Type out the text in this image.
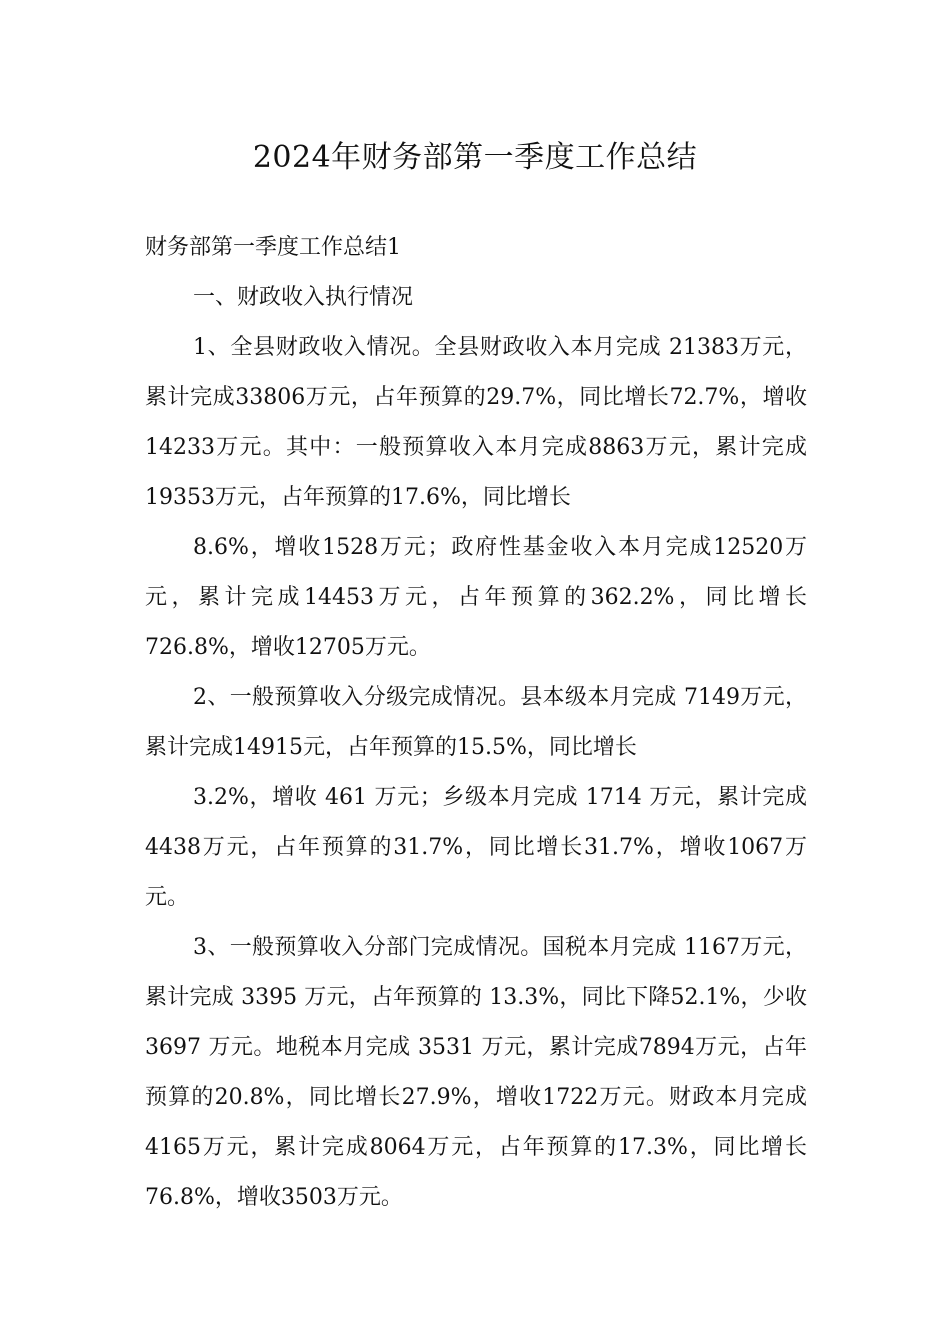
2024年财务部第一季度工作总结

财务部第一季度工作总结1

一、财政收入执行情况

1、全县财政收入情况。全县财政收入本月完成 21383万元，累计完成33806万元，占年预算的29.7%，同比增长72.7%，增收14233万元。其中：一般预算收入本月完成8863万元，累计完成19353万元，占年预算的17.6%，同比增长

8.6%，增收1528万元；政府性基金收入本月完成12520万元，累计完成14453万元，占年预算的362.2%，同比增长726.8%，增收12705万元。

2、一般预算收入分级完成情况。县本级本月完成 7149万元，累计完成14915元，占年预算的15.5%，同比增长

3.2%，增收 461 万元；乡级本月完成 1714 万元，累计完成4438万元，占年预算的31.7%，同比增长31.7%，增收1067万元。

3、一般预算收入分部门完成情况。国税本月完成 1167万元，累计完成 3395 万元，占年预算的 13.3%，同比下降52.1%，少收 3697 万元。地税本月完成 3531 万元，累计完成7894万元，占年预算的20.8%，同比增长27.9%，增收1722万元。财政本月完成4165万元，累计完成8064万元，占年预算的17.3%，同比增长76.8%，增收3503万元。
